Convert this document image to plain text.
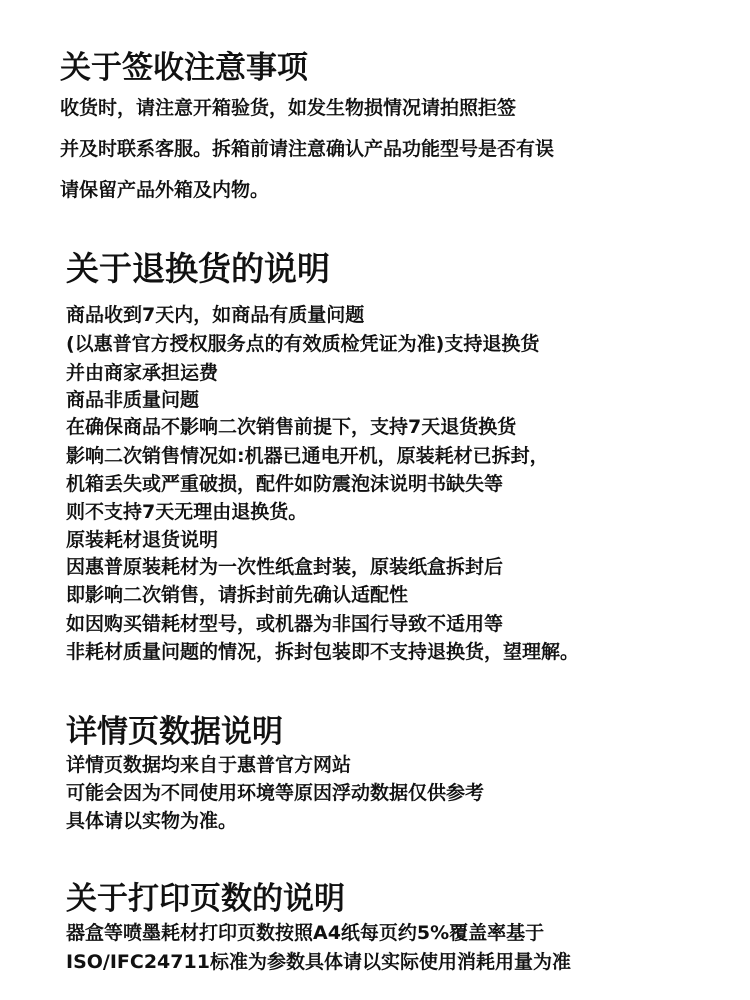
关于签收注意事项

收货时，请注意开箱验货，如发生物损情况请拍照拒签

并及时联系客服。拆箱前请注意确认产品功能型号是否有误

请保留产品外箱及内物。

关于退换货的说明

商品收到7天内，如商品有质量问题

(以惠普官方授权服务点的有效质检凭证为准)支持退换货

并由商家承担运费

商品非质量问题

在确保商品不影响二次销售前提下，支持7天退货换货

影响二次销售情况如:机器已通电开机，原装耗材已拆封，

机箱丢失或严重破损，配件如防震泡沫说明书缺失等

则不支持7天无理由退换货。

原装耗材退货说明

因惠普原装耗材为一次性纸盒封装，原装纸盒拆封后

即影响二次销售，请拆封前先确认适配性

如因购买错耗材型号，或机器为非国行导致不适用等

非耗材质量问题的情况，拆封包装即不支持退换货，望理解。

详情页数据说明

详情页数据均来自于惠普官方网站

可能会因为不同使用环境等原因浮动数据仅供参考

具体请以实物为准。

关于打印页数的说明

器盒等喷墨耗材打印页数按照A4纸每页约5%覆盖率基于

ISO/IFC24711标准为参数具体请以实际使用消耗用量为准
